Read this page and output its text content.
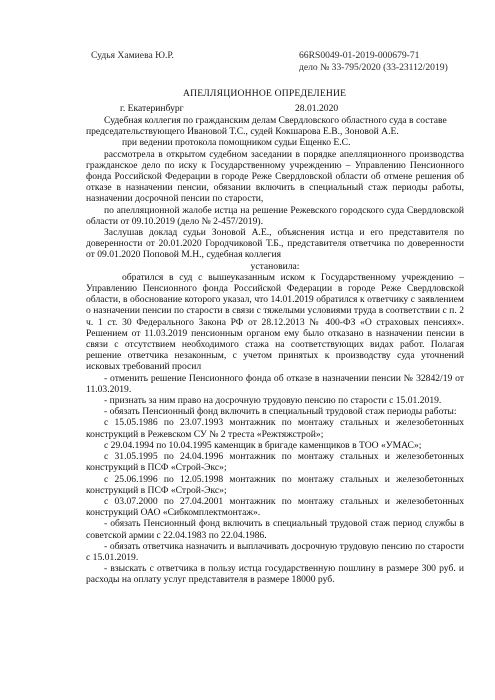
Судья Хамиева Ю.Р.	66RS0049-01-2019-000679-71
дело № 33-795/2020 (33-23112/2019)
АПЕЛЛЯЦИОННОЕ ОПРЕДЕЛЕНИЕ
г. Екатеринбург	28.01.2020

Судебная коллегия по гражданским делам Свердловского областного суда в составе

председательствующего Ивановой Т.С., судей Кокшарова Е.В., Зоновой А.Е.

при ведении протокола помощником судьи Ещенко Е.С.

рассмотрела в открытом судебном заседании в порядке апелляционного производства гражданское дело по иску к Государственному учреждению – Управлению Пенсионного фонда Российской Федерации в городе Реже Свердловской области об отмене решения об отказе в назначении пенсии, обязании включить в специальный стаж периоды работы, назначении досрочной пенсии по старости,

по апелляционной жалобе истца на решение Режевского городского суда Свердловской области от 09.10.2019 (дело № 2-457/2019).

Заслушав доклад судьи Зоновой А.Е., объяснения истца и его представителя по доверенности от 20.01.2020 Городчиковой Т.Б., представителя ответчика по доверенности от 09.01.2020 Поповой М.Н., судебная коллегия

установила:

обратился в суд с вышеуказанным иском к Государственному учреждению – Управлению Пенсионного фонда Российской Федерации в городе Реже Свердловской области, в обоснование которого указал, что 14.01.2019 обратился к ответчику с заявлением о назначении пенсии по старости в связи с тяжелыми условиями труда в соответствии с п. 2 ч. 1 ст. 30 Федерального Закона РФ от 28.12.2013 № 400-ФЗ «О страховых пенсиях». Решением от 11.03.2019 пенсионным органом ему было отказано в назначении пенсии в связи с отсутствием необходимого стажа на соответствующих видах работ. Полагая решение ответчика незаконным, с учетом принятых к производству суда уточнений исковых требований просил

- отменить решение Пенсионного фонда об отказе в назначении пенсии № 32842/19 от 11.03.2019.

- признать за ним право на досрочную трудовую пенсию по старости с 15.01.2019.

- обязать Пенсионный фонд включить в специальный трудовой стаж периоды работы:

с 15.05.1986 по 23.07.1993 монтажник по монтажу стальных и железобетонных конструкций в Режевском СУ № 2 треста «Режтяжстрой»;

с 29.04.1994 по 10.04.1995 каменщик в бригаде каменщиков в ТОО «УМАС»;

с 31.05.1995 по 24.04.1996 монтажник по монтажу стальных и железобетонных конструкций в ПСФ «Строй-Экс»;

с 25.06.1996 по 12.05.1998 монтажник по монтажу стальных и железобетонных конструкций в ПСФ «Строй-Экс»;

с 03.07.2000 по 27.04.2001 монтажник по монтажу стальных и железобетонных конструкций ОАО «Сибкомплектмонтаж».

- обязать Пенсионный фонд включить в специальный трудовой стаж период службы в советской армии с 22.04.1983 по 22.04.1986.

- обязать ответчика назначить и выплачивать досрочную трудовую пенсию по старости с 15.01.2019.

- взыскать с ответчика в пользу истца государственную пошлину в размере 300 руб. и расходы на оплату услуг представителя в размере 18000 руб.
